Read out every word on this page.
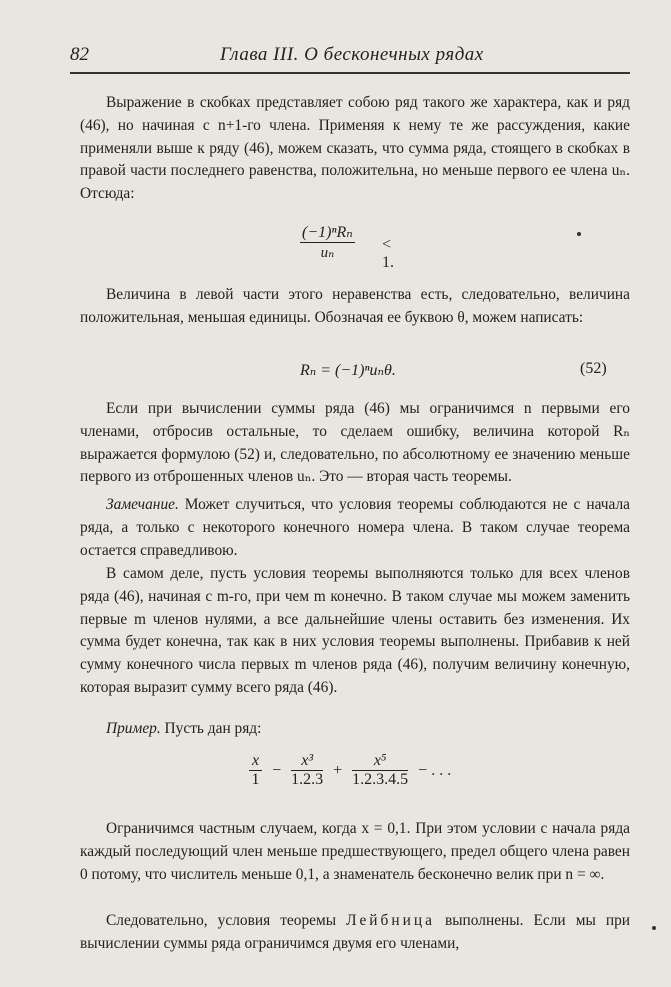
82	Глава III. О бесконечных рядах

Выражение в скобках представляет собою ряд такого же характера, как и ряд (46), но начиная с n+1-го члена. Применяя к нему те же рассуждения, какие применяли выше к ряду (46), можем сказать, что сумма ряда, стоящего в скобках в правой части последнего равенства, положительна, но меньше первого ее члена uₙ. Отсюда:

(−1)ⁿRₙ
uₙ	< 1.

Величина в левой части этого неравенства есть, следовательно, величина положительная, меньшая единицы. Обозначая ее буквою θ, можем написать:

Rₙ = (−1)ⁿuₙθ.	(52)

Если при вычислении суммы ряда (46) мы ограничимся n первыми его членами, отбросив остальные, то сделаем ошибку, величина которой Rₙ выражается формулою (52) и, следовательно, по абсолютному ее значению меньше первого из отброшенных членов uₙ. Это — вторая часть теоремы.

Замечание. Может случиться, что условия теоремы соблюдаются не с начала ряда, а только с некоторого конечного номера члена. В таком случае теорема остается справедливою.

В самом деле, пусть условия теоремы выполняются только для всех членов ряда (46), начиная с m-го, при чем m конечно. В таком случае мы можем заменить первые m членов нулями, а все дальнейшие члены оставить без изменения. Их сумма будет конечна, так как в них условия теоремы выполнены. Прибавив к ней сумму конечного числа первых m членов ряда (46), получим величину конечную, которая выразит сумму всего ряда (46).

Пример. Пусть дан ряд:

$\frac{x}{1} - \frac{\text{x³}}{1.2.3} + \frac{\text{x⁵}}{1.2.3.4.5}$ − . . .

Ограничимся частным случаем, когда x = 0,1. При этом условии с начала ряда каждый последующий член меньше предшествующего, предел общего члена равен 0 потому, что числитель меньше 0,1, а знаменатель бесконечно велик при n = ∞.

Следовательно, условия теоремы Лейбница выполнены. Если мы при вычислении суммы ряда ограничимся двумя его членами,
